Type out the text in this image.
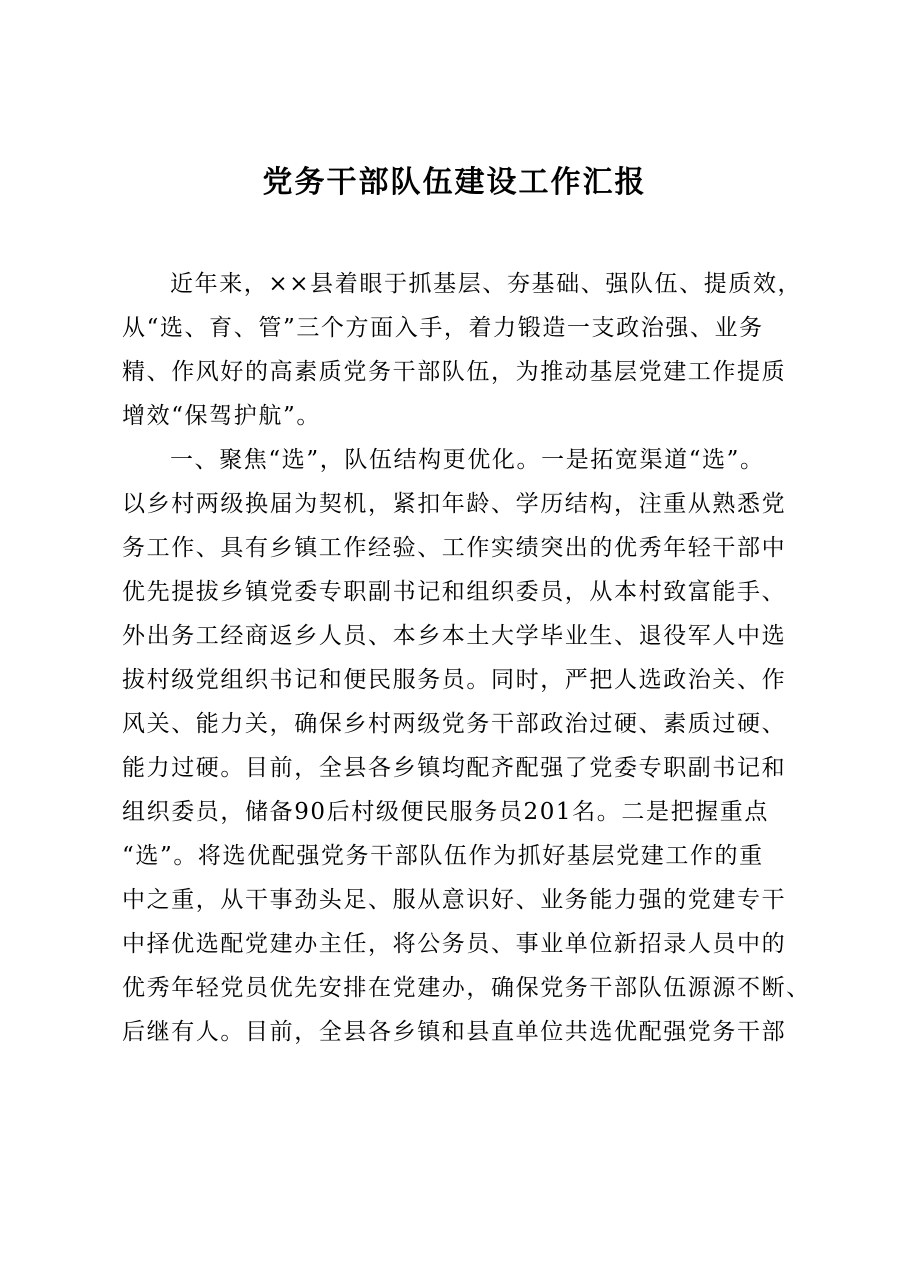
党务干部队伍建设工作汇报
近年来，××县着眼于抓基层、夯基础、强队伍、提质效，
从“选、育、管”三个方面入手，着力锻造一支政治强、业务
精、作风好的高素质党务干部队伍，为推动基层党建工作提质
增效“保驾护航”。
一、聚焦“选”，队伍结构更优化。一是拓宽渠道“选”。
以乡村两级换届为契机，紧扣年龄、学历结构，注重从熟悉党
务工作、具有乡镇工作经验、工作实绩突出的优秀年轻干部中
优先提拔乡镇党委专职副书记和组织委员，从本村致富能手、
外出务工经商返乡人员、本乡本土大学毕业生、退役军人中选
拔村级党组织书记和便民服务员。同时，严把人选政治关、作
风关、能力关，确保乡村两级党务干部政治过硬、素质过硬、
能力过硬。目前，全县各乡镇均配齐配强了党委专职副书记和
组织委员，储备90后村级便民服务员201名。二是把握重点
“选”。将选优配强党务干部队伍作为抓好基层党建工作的重
中之重，从干事劲头足、服从意识好、业务能力强的党建专干
中择优选配党建办主任，将公务员、事业单位新招录人员中的
优秀年轻党员优先安排在党建办，确保党务干部队伍源源不断、
后继有人。目前，全县各乡镇和县直单位共选优配强党务干部
